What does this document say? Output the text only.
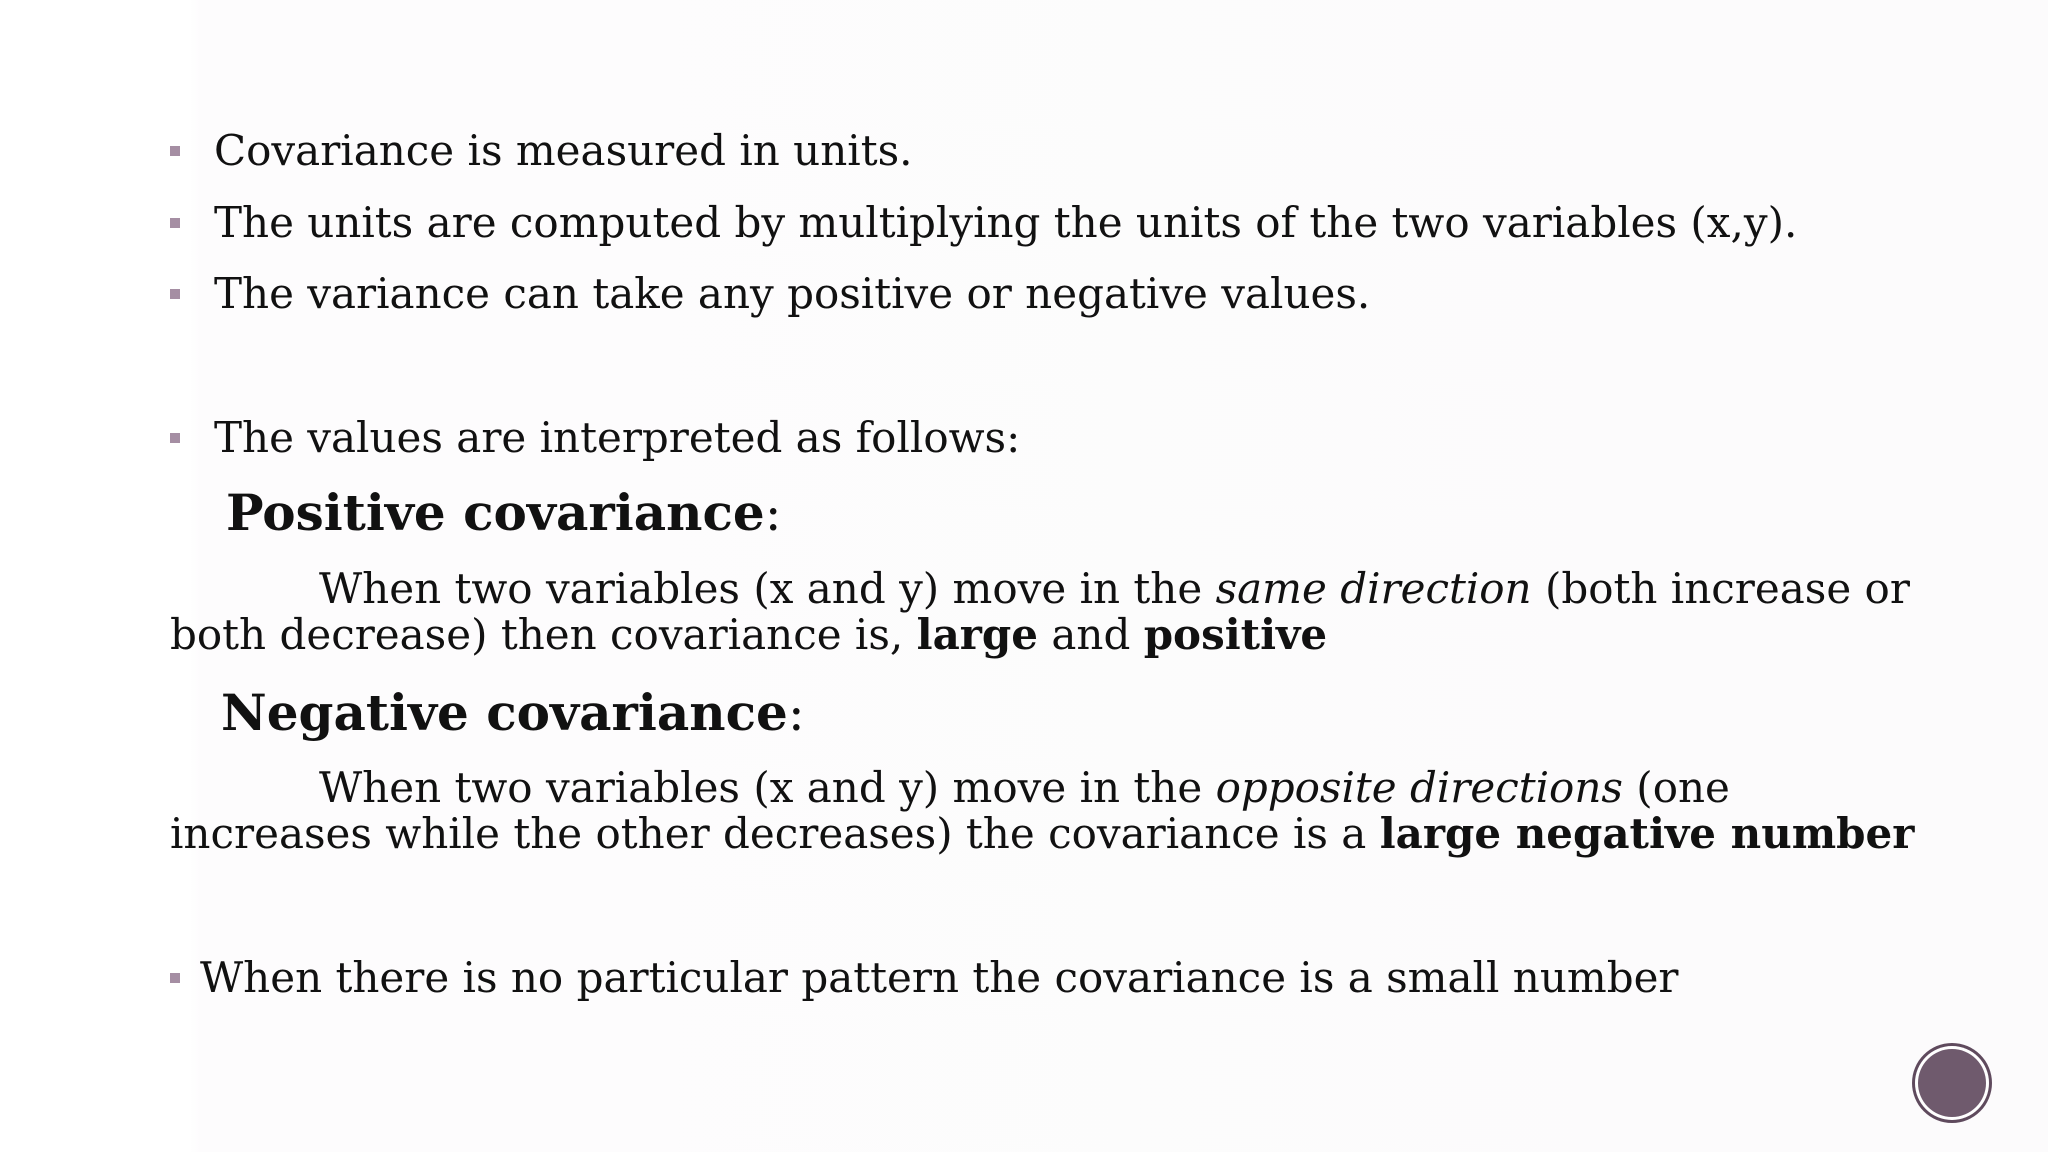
Covariance is measured in units.
The units are computed by multiplying the units of the two variables (x,y).
The variance can take any positive or negative values.
The values are interpreted as follows:
Positive covariance:
When two variables (x and y) move in the same direction (both increase or
both decrease) then covariance is, large and positive
Negative covariance:
When two variables (x and y) move in the opposite directions (one
increases while the other decreases) the covariance is a large negative number
When there is no particular pattern the covariance is a small number
